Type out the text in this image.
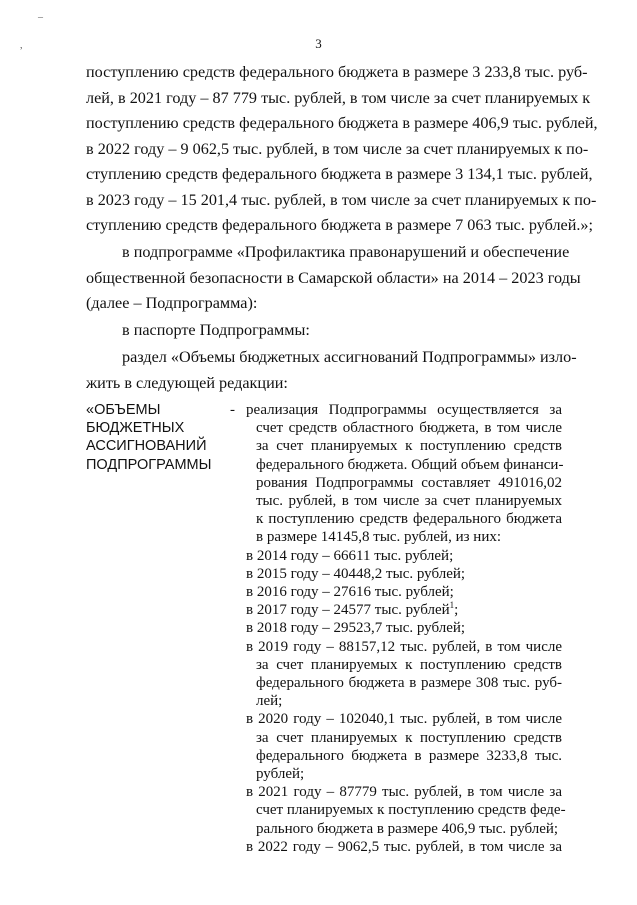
–
,	3

поступлению средств федерального бюджета в размере 3 233,8 тыс. руб-
лей, в 2021 году – 87 779 тыс. рублей, в том числе за счет планируемых к
поступлению средств федерального бюджета в размере 406,9 тыс. рублей,
в 2022 году – 9 062,5 тыс. рублей, в том числе за счет планируемых к по-
ступлению средств федерального бюджета в размере 3 134,1 тыс. рублей,
в 2023 году – 15 201,4 тыс. рублей, в том числе за счет планируемых к по-
ступлению средств федерального бюджета в размере 7 063 тыс. рублей.»;

в подпрограмме «Профилактика правонарушений и обеспечение
общественной безопасности в Самарской области» на 2014 – 2023 годы
(далее – Подпрограмма):

в паспорте Подпрограммы:

раздел «Объемы бюджетных ассигнований Подпрограммы» изло-
жить в следующей редакции:

«ОБЪЕМЫ
БЮДЖЕТНЫХ
АССИГНОВАНИЙ
ПОДПРОГРАММЫ
- реализация Подпрограммы осуществляется за
счет средств областного бюджета, в том числе
за счет планируемых к поступлению средств
федерального бюджета. Общий объем финанси-
рования Подпрограммы составляет 491016,02
тыс. рублей, в том числе за счет планируемых
к поступлению средств федерального бюджета
в размере 14145,8 тыс. рублей, из них:
в 2014 году – 66611 тыс. рублей;
в 2015 году – 40448,2 тыс. рублей;
в 2016 году – 27616 тыс. рублей;
в 2017 году – 24577 тыс. рублей$^1$;
в 2018 году – 29523,7 тыс. рублей;
в 2019 году – 88157,12 тыс. рублей, в том числе
за счет планируемых к поступлению средств
федерального бюджета в размере 308 тыс. руб-
лей;
в 2020 году – 102040,1 тыс. рублей, в том числе
за счет планируемых к поступлению средств
федерального бюджета в размере 3233,8 тыс.
рублей;
в 2021 году – 87779 тыс. рублей, в том числе за
счет планируемых к поступлению средств феде-
рального бюджета в размере 406,9 тыс. рублей;
в 2022 году – 9062,5 тыс. рублей, в том числе за
